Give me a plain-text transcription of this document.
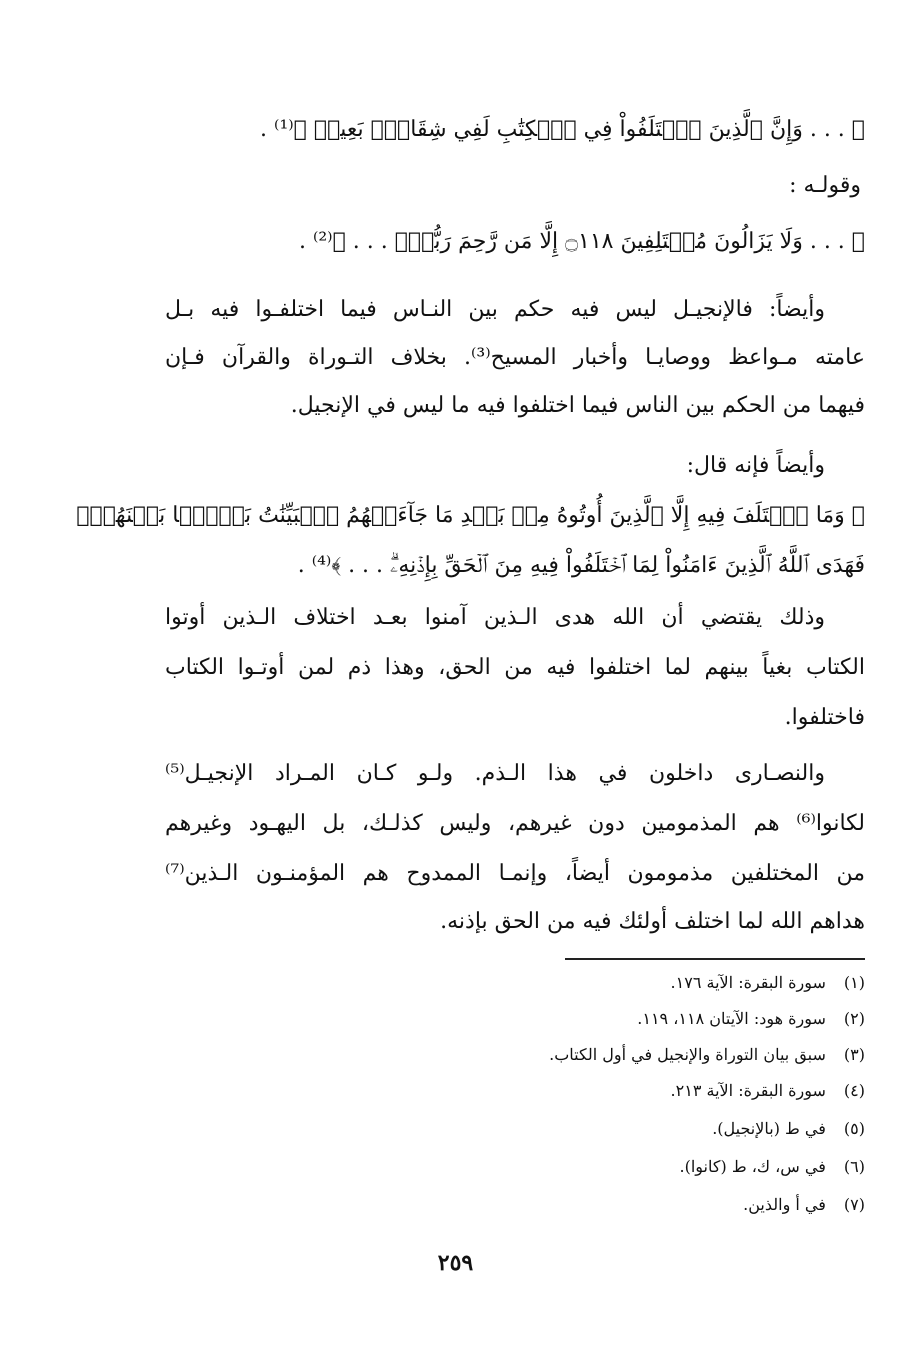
﴿ . . . وَإِنَّ ٱلَّذِينَ ٱخۡتَلَفُواْ فِي ٱلۡكِتَٰبِ لَفِي شِقَاقِۭ بَعِيدٖ ﴾⁽¹⁾ .
وقولـه :
﴿ . . . وَلَا يَزَالُونَ مُخۡتَلِفِينَ ۝١١٨ إِلَّا مَن رَّحِمَ رَبُّكَۚ . . . ﴾⁽²⁾ .
وأيضاً: فالإنجيـل ليس فيه حكم بين النـاس فيما اختلفـوا فيه بـل
عامته مـواعظ ووصايـا وأخبار المسيح⁽³⁾. بخلاف التـوراة والقرآن فـإن
فيهما من الحكم بين الناس فيما اختلفوا فيه ما ليس في الإنجيل.
وأيضاً فإنه قال:
﴿ وَمَا ٱخۡتَلَفَ فِيهِ إِلَّا ٱلَّذِينَ أُوتُوهُ مِنۢ بَعۡدِ مَا جَآءَتۡهُمُ ٱلۡبَيِّنَٰتُ بَغۡيَۢا بَيۡنَهُمۡۖ
فَهَدَى ٱللَّهُ ٱلَّذِينَ ءَامَنُواْ لِمَا ٱخۡتَلَفُواْ فِيهِ مِنَ ٱلۡحَقِّ بِإِذۡنِهِۦۗ . . . ﴾⁽⁴⁾ .
وذلك يقتضي أن الله هدى الـذين آمنوا بعـد اختلاف الـذين أوتوا
الكتاب بغياً بينهم لما اختلفوا فيه من الحق، وهذا ذم لمن أوتـوا الكتاب
فاختلفوا.
والنصـارى داخلون في هذا الـذم. ولـو كـان المـراد الإنجيـل⁽⁵⁾
لكانوا⁽⁶⁾ هم المذمومين دون غيرهم، وليس كذلـك، بل اليهـود وغيرهم
من المختلفين مذمومون أيضاً، وإنمـا الممدوح هم المؤمنـون الـذين⁽⁷⁾
هداهم الله لما اختلف أولئك فيه من الحق بإذنه.
(١) سورة البقرة: الآية ١٧٦.
(٢) سورة هود: الآيتان ١١٨، ١١٩.
(٣) سبق بيان التوراة والإنجيل في أول الكتاب.
(٤) سورة البقرة: الآية ٢١٣.
(٥) في ط (بالإنجيل).
(٦) في س، ك، ط (كانوا).
(٧) في أ والذين.
٢٥٩
